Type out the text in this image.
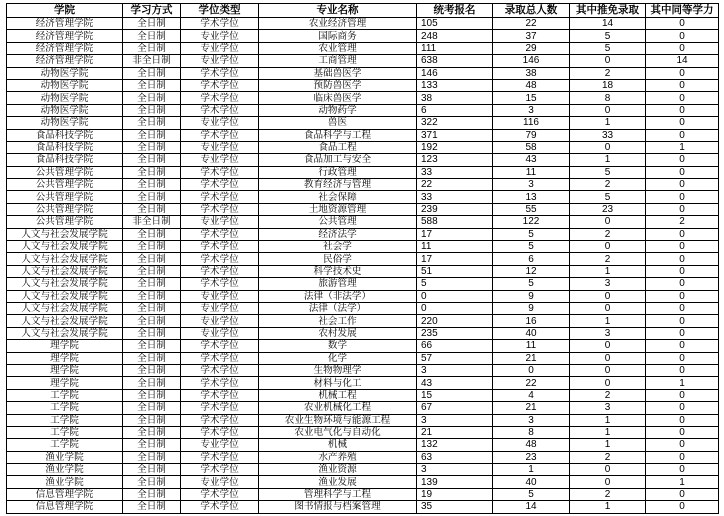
学院	学习方式	学位类型	专业名称	统考报名	录取总人数	其中推免录取	其中同等学力
经济管理学院	全日制	学术学位	农业经济管理	105	22	14	0
经济管理学院	全日制	专业学位	国际商务	248	37	5	0
经济管理学院	全日制	专业学位	农业管理	111	29	5	0
经济管理学院	非全日制	专业学位	工商管理	638	146	0	14
动物医学院	全日制	学术学位	基础兽医学	146	38	2	0
动物医学院	全日制	学术学位	预防兽医学	133	48	18	0
动物医学院	全日制	学术学位	临床兽医学	38	15	8	0
动物医学院	全日制	学术学位	动物药学	6	3	0	0
动物医学院	全日制	专业学位	兽医	322	116	1	0
食品科技学院	全日制	学术学位	食品科学与工程	371	79	33	0
食品科技学院	全日制	专业学位	食品工程	192	58	0	1
食品科技学院	全日制	专业学位	食品加工与安全	123	43	1	0
公共管理学院	全日制	学术学位	行政管理	33	11	5	0
公共管理学院	全日制	学术学位	教育经济与管理	22	3	2	0
公共管理学院	全日制	学术学位	社会保障	33	13	5	0
公共管理学院	全日制	学术学位	土地资源管理	239	55	23	0
公共管理学院	非全日制	专业学位	公共管理	588	122	0	2
人文与社会发展学院	全日制	学术学位	经济法学	17	5	2	0
人文与社会发展学院	全日制	学术学位	社会学	11	5	0	0
人文与社会发展学院	全日制	学术学位	民俗学	17	6	2	0
人文与社会发展学院	全日制	学术学位	科学技术史	51	12	1	0
人文与社会发展学院	全日制	学术学位	旅游管理	5	5	3	0
人文与社会发展学院	全日制	专业学位	法律（非法学）	0	9	0	0
人文与社会发展学院	全日制	专业学位	法律（法学）	0	9	0	0
人文与社会发展学院	全日制	专业学位	社会工作	220	16	1	0
人文与社会发展学院	全日制	专业学位	农村发展	235	40	3	0
理学院	全日制	学术学位	数学	66	11	0	0
理学院	全日制	学术学位	化学	57	21	0	0
理学院	全日制	学术学位	生物物理学	3	0	0	0
理学院	全日制	学术学位	材料与化工	43	22	0	1
工学院	全日制	学术学位	机械工程	15	4	2	0
工学院	全日制	学术学位	农业机械化工程	67	21	3	0
工学院	全日制	学术学位	农业生物环境与能源工程	3	3	1	0
工学院	全日制	学术学位	农业电气化与自动化	21	8	1	0
工学院	全日制	专业学位	机械	132	48	1	0
渔业学院	全日制	学术学位	水产养殖	63	23	2	0
渔业学院	全日制	学术学位	渔业资源	3	1	0	0
渔业学院	全日制	专业学位	渔业发展	139	40	0	1
信息管理学院	全日制	学术学位	管理科学与工程	19	5	2	0
信息管理学院	全日制	学术学位	图书情报与档案管理	35	14	1	0
